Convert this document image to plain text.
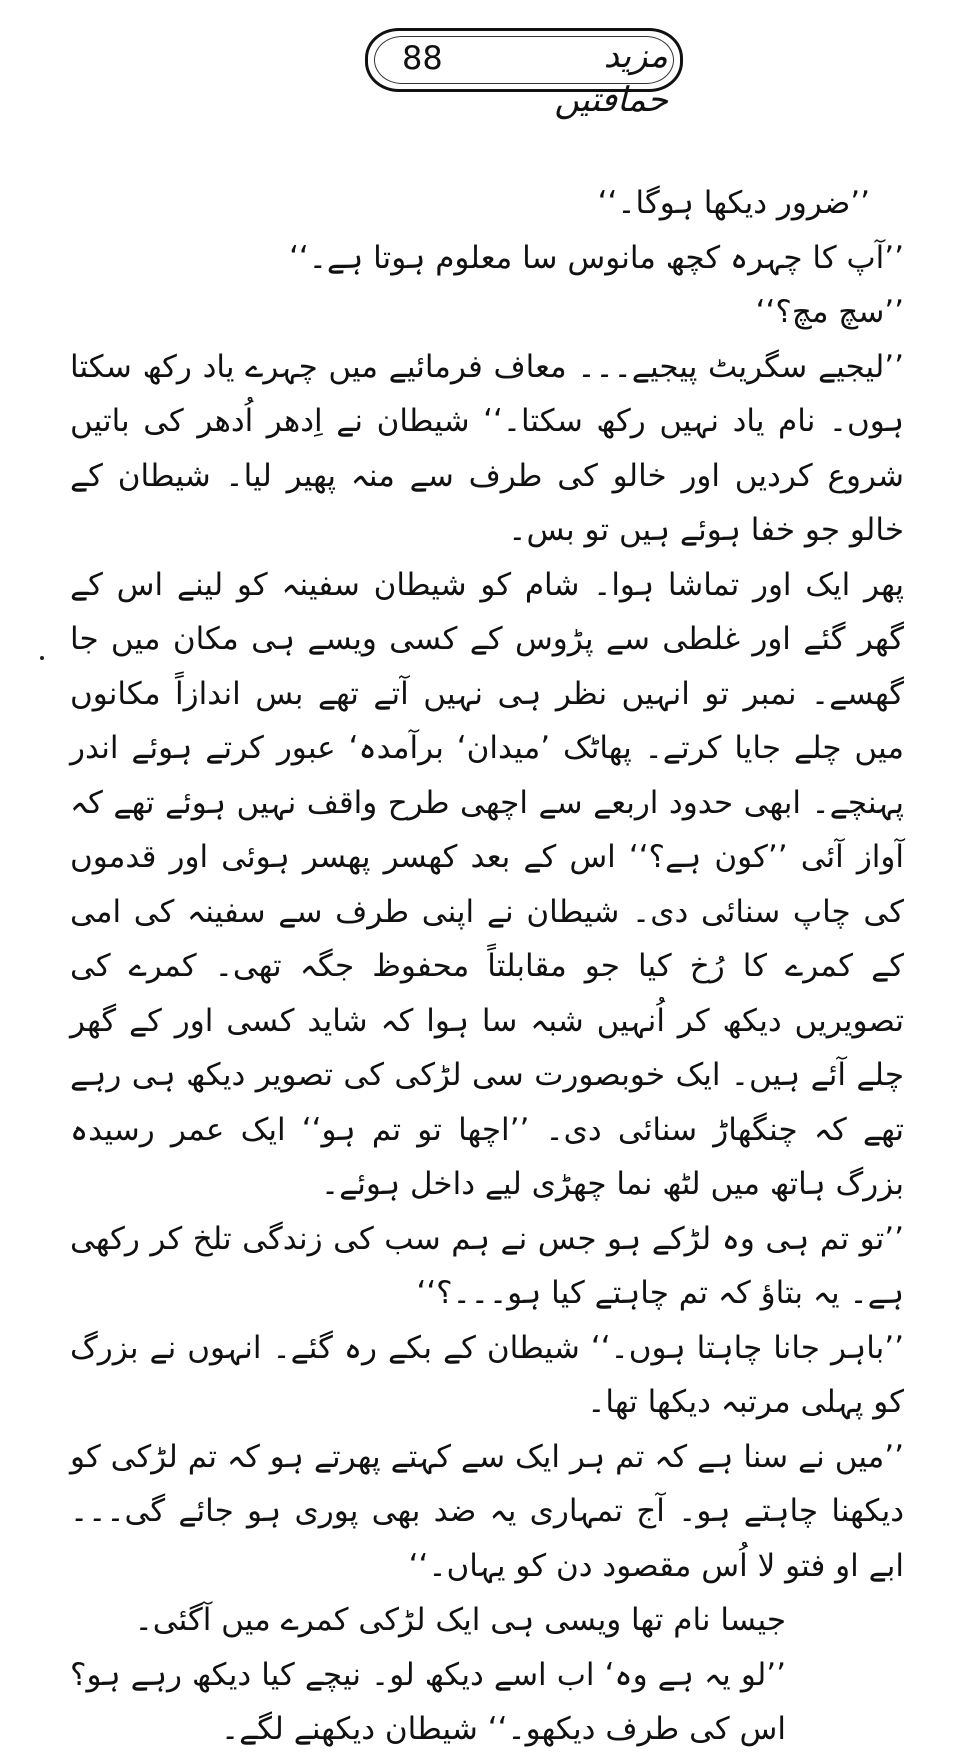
88	مزید حماقتیں

’’ضرور دیکھا ہوگا۔‘‘

’’آپ کا چہرہ کچھ مانوس سا معلوم ہوتا ہے۔‘‘

’’سچ مچ؟‘‘

’’لیجیے سگریٹ پیجیے۔۔۔ معاف فرمائیے میں چہرے یاد رکھ سکتا ہوں۔ نام یاد نہیں رکھ سکتا۔‘‘ شیطان نے اِدھر اُدھر کی باتیں شروع کردیں اور خالو کی طرف سے منہ پھیر لیا۔ شیطان کے خالو جو خفا ہوئے ہیں تو بس۔

پھر ایک اور تماشا ہوا۔ شام کو شیطان سفینہ کو لینے اس کے گھر گئے اور غلطی سے پڑوس کے کسی ویسے ہی مکان میں جا گھسے۔ نمبر تو انہیں نظر ہی نہیں آتے تھے بس اندازاً مکانوں میں چلے جایا کرتے۔ پھاٹک ’میدان‘ برآمدہ‘ عبور کرتے ہوئے اندر پہنچے۔ ابھی حدود اربعے سے اچھی طرح واقف نہیں ہوئے تھے کہ آواز آئی ’’کون ہے؟‘‘ اس کے بعد کھسر پھسر ہوئی اور قدموں کی چاپ سنائی دی۔ شیطان نے اپنی طرف سے سفینہ کی امی کے کمرے کا رُخ کیا جو مقابلتاً محفوظ جگہ تھی۔ کمرے کی تصویریں دیکھ کر اُنہیں شبہ سا ہوا کہ شاید کسی اور کے گھر چلے آئے ہیں۔ ایک خوبصورت سی لڑکی کی تصویر دیکھ ہی رہے تھے کہ چنگھاڑ سنائی دی۔ ’’اچھا تو تم ہو‘‘ ایک عمر رسیدہ بزرگ ہاتھ میں لٹھ نما چھڑی لیے داخل ہوئے۔

’’تو تم ہی وہ لڑکے ہو جس نے ہم سب کی زندگی تلخ کر رکھی ہے۔ یہ بتاؤ کہ تم چاہتے کیا ہو۔۔۔؟‘‘

’’باہر جانا چاہتا ہوں۔‘‘ شیطان کے بکے رہ گئے۔ انہوں نے بزرگ کو پہلی مرتبہ دیکھا تھا۔

’’میں نے سنا ہے کہ تم ہر ایک سے کہتے پھرتے ہو کہ تم لڑکی کو دیکھنا چاہتے ہو۔ آج تمہاری یہ ضد بھی پوری ہو جائے گی۔۔۔ ابے او فتو لا اُس مقصود دن کو یہاں۔‘‘

جیسا نام تھا ویسی ہی ایک لڑکی کمرے میں آگئی۔

’’لو یہ ہے وہ‘ اب اسے دیکھ لو۔ نیچے کیا دیکھ رہے ہو؟ اس کی طرف دیکھو۔‘‘ شیطان دیکھنے لگے۔
